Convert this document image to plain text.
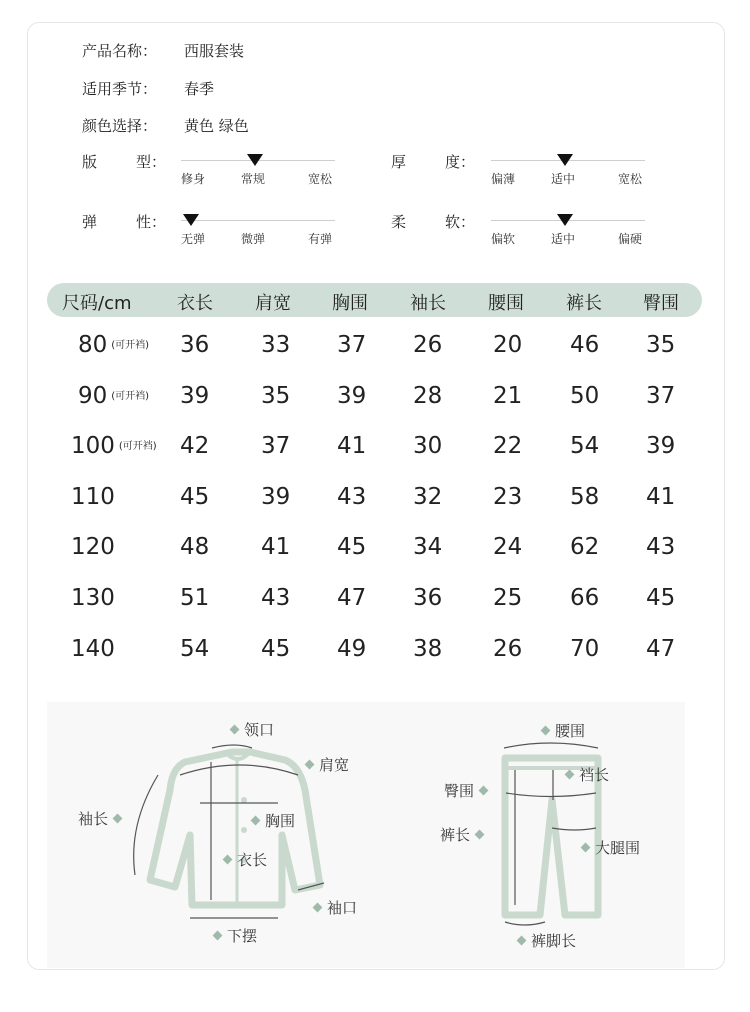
产品名称： 西服套装
适用季节： 春季
颜色选择： 黄色 绿色
版	型：	厚	度：
弹	性：	柔	软：
修身	常规	宽松	偏薄	适中	宽松
无弹	微弹	有弹	偏软	适中	偏硬
尺码/cm	衣长 肩宽 胸围 袖长 腰围 裤长 臀围
80 (可开裆) 36 33 37 26 20 46 35
90 (可开裆) 39 35 39 28 21 50 37
100 (可开裆) 42 37 41 30 22 54 39
110	45 39 43 32 23 58 41
120	48 41 45 34 24 62 43
130	51 43 47 36 25 66 45
140	54 45 49 38 26 70 47
领口
肩宽
袖长	胸围
衣长
袖口
下摆
腰围
臀围
裆长
裤长
大腿围
裤脚长
